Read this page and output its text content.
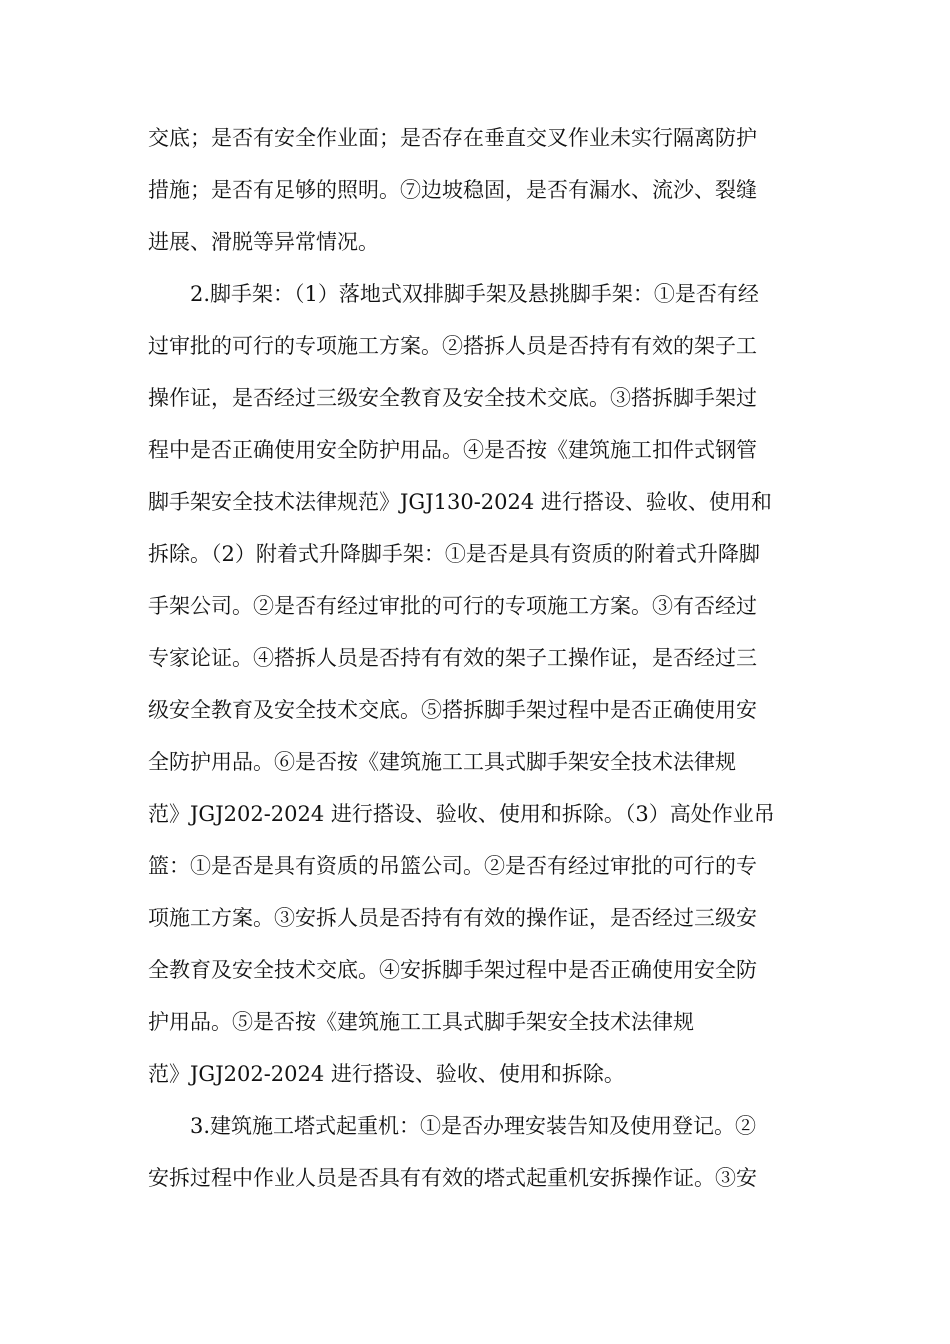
交底；是否有安全作业面；是否存在垂直交叉作业未实行隔离防护
措施；是否有足够的照明。⑦边坡稳固，是否有漏水、流沙、裂缝
进展、滑脱等异常情况。
2.脚手架：（1）落地式双排脚手架及悬挑脚手架：①是否有经
过审批的可行的专项施工方案。②搭拆人员是否持有有效的架子工
操作证，是否经过三级安全教育及安全技术交底。③搭拆脚手架过
程中是否正确使用安全防护用品。④是否按《建筑施工扣件式钢管
脚手架安全技术法律规范》JGJ130-2024 进行搭设、验收、使用和
拆除。（2）附着式升降脚手架：①是否是具有资质的附着式升降脚
手架公司。②是否有经过审批的可行的专项施工方案。③有否经过
专家论证。④搭拆人员是否持有有效的架子工操作证，是否经过三
级安全教育及安全技术交底。⑤搭拆脚手架过程中是否正确使用安
全防护用品。⑥是否按《建筑施工工具式脚手架安全技术法律规
范》JGJ202-2024 进行搭设、验收、使用和拆除。（3）高处作业吊
篮：①是否是具有资质的吊篮公司。②是否有经过审批的可行的专
项施工方案。③安拆人员是否持有有效的操作证，是否经过三级安
全教育及安全技术交底。④安拆脚手架过程中是否正确使用安全防
护用品。⑤是否按《建筑施工工具式脚手架安全技术法律规
范》JGJ202-2024 进行搭设、验收、使用和拆除。
3.建筑施工塔式起重机：①是否办理安装告知及使用登记。②
安拆过程中作业人员是否具有有效的塔式起重机安拆操作证。③安
